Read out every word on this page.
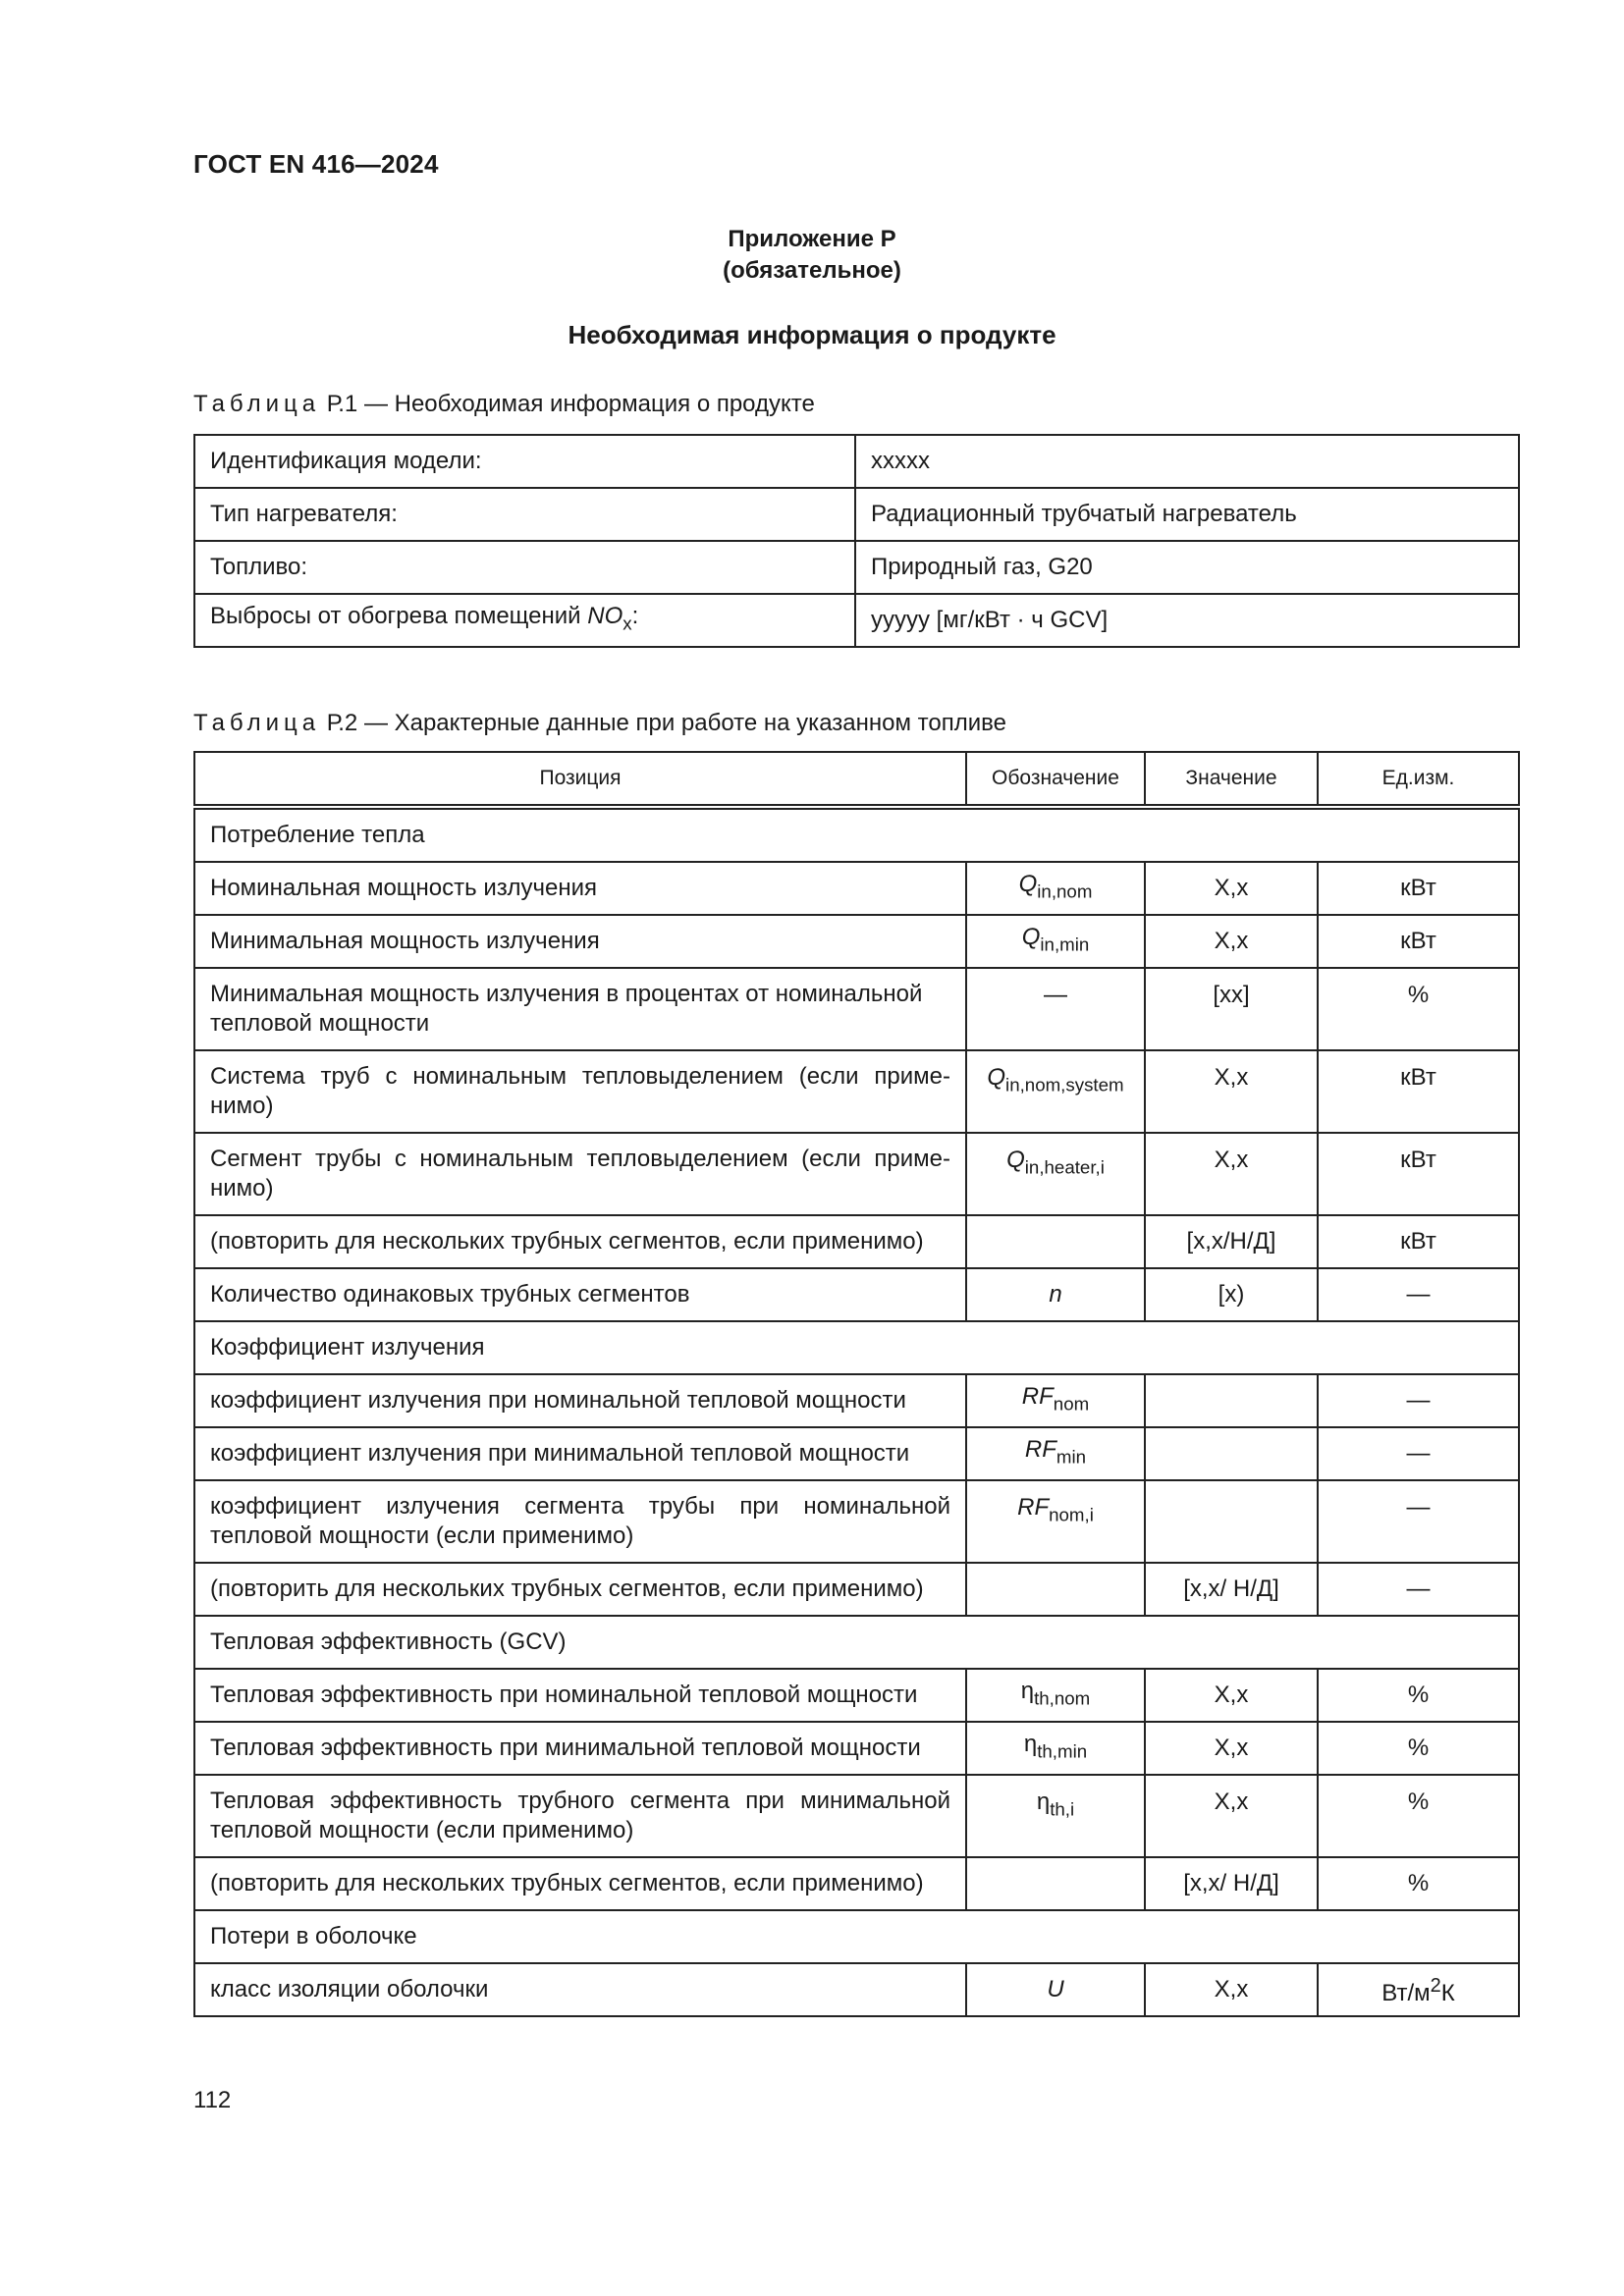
ГОСТ EN 416—2024
Приложение Р
(обязательное)
Необходимая информация о продукте
Таблица Р.1 — Необходимая информация о продукте
Идентификация модели:	xxxxx
Тип нагревателя:	Радиационный трубчатый нагреватель
Топливо:	Природный газ, G20
Выбросы от обогрева помещений $NO_x$:	yyyyy [мг/кВт · ч GCV]
Таблица Р.2 — Характерные данные при работе на указанном топливе
Позиция	Обозначение	Значение	Ед.изм.
Потребление тепла			
Номинальная мощность излучения	$Q_{in,nom}$	X,x	кВт
Минимальная мощность излучения	$Q_{in,min}$	X,x	кВт
Минимальная мощность излучения в процентах от номинальной тепловой мощности	—	[xx]	%
Система труб с номинальным тепловыделением (если применимо)	$Q_{in,nom,system}$	X,x	кВт
Сегмент трубы с номинальным тепловыделением (если применимо)	$Q_{in,heater,i}$	X,x	кВт
(повторить для нескольких трубных сегментов, если применимо)		[x,x/Н/Д]	кВт
Количество одинаковых трубных сегментов	n	[x)	—
Коэффициент излучения			
коэффициент излучения при номинальной тепловой мощности	$RF_{nom}$		—
коэффициент излучения при минимальной тепловой мощности	$RF_{min}$		—
коэффициент излучения сегмента трубы при номинальной тепловой мощности (если применимо)	$RF_{nom,i}$		—
(повторить для нескольких трубных сегментов, если применимо)		[x,x/ Н/Д]	—
Тепловая эффективность (GCV)			
Тепловая эффективность при номинальной тепловой мощности	$\eta_{th,nom}$	X,x	%
Тепловая эффективность при минимальной тепловой мощности	$\eta_{th,min}$	X,x	%
Тепловая эффективность трубного сегмента при минимальной тепловой мощности (если применимо)	$\eta_{th,i}$	X,x	%
(повторить для нескольких трубных сегментов, если применимо)		[x,x/ Н/Д]	%
Потери в оболочке			
класс изоляции оболочки	U	X,x	$Вт/м^2К$
112
